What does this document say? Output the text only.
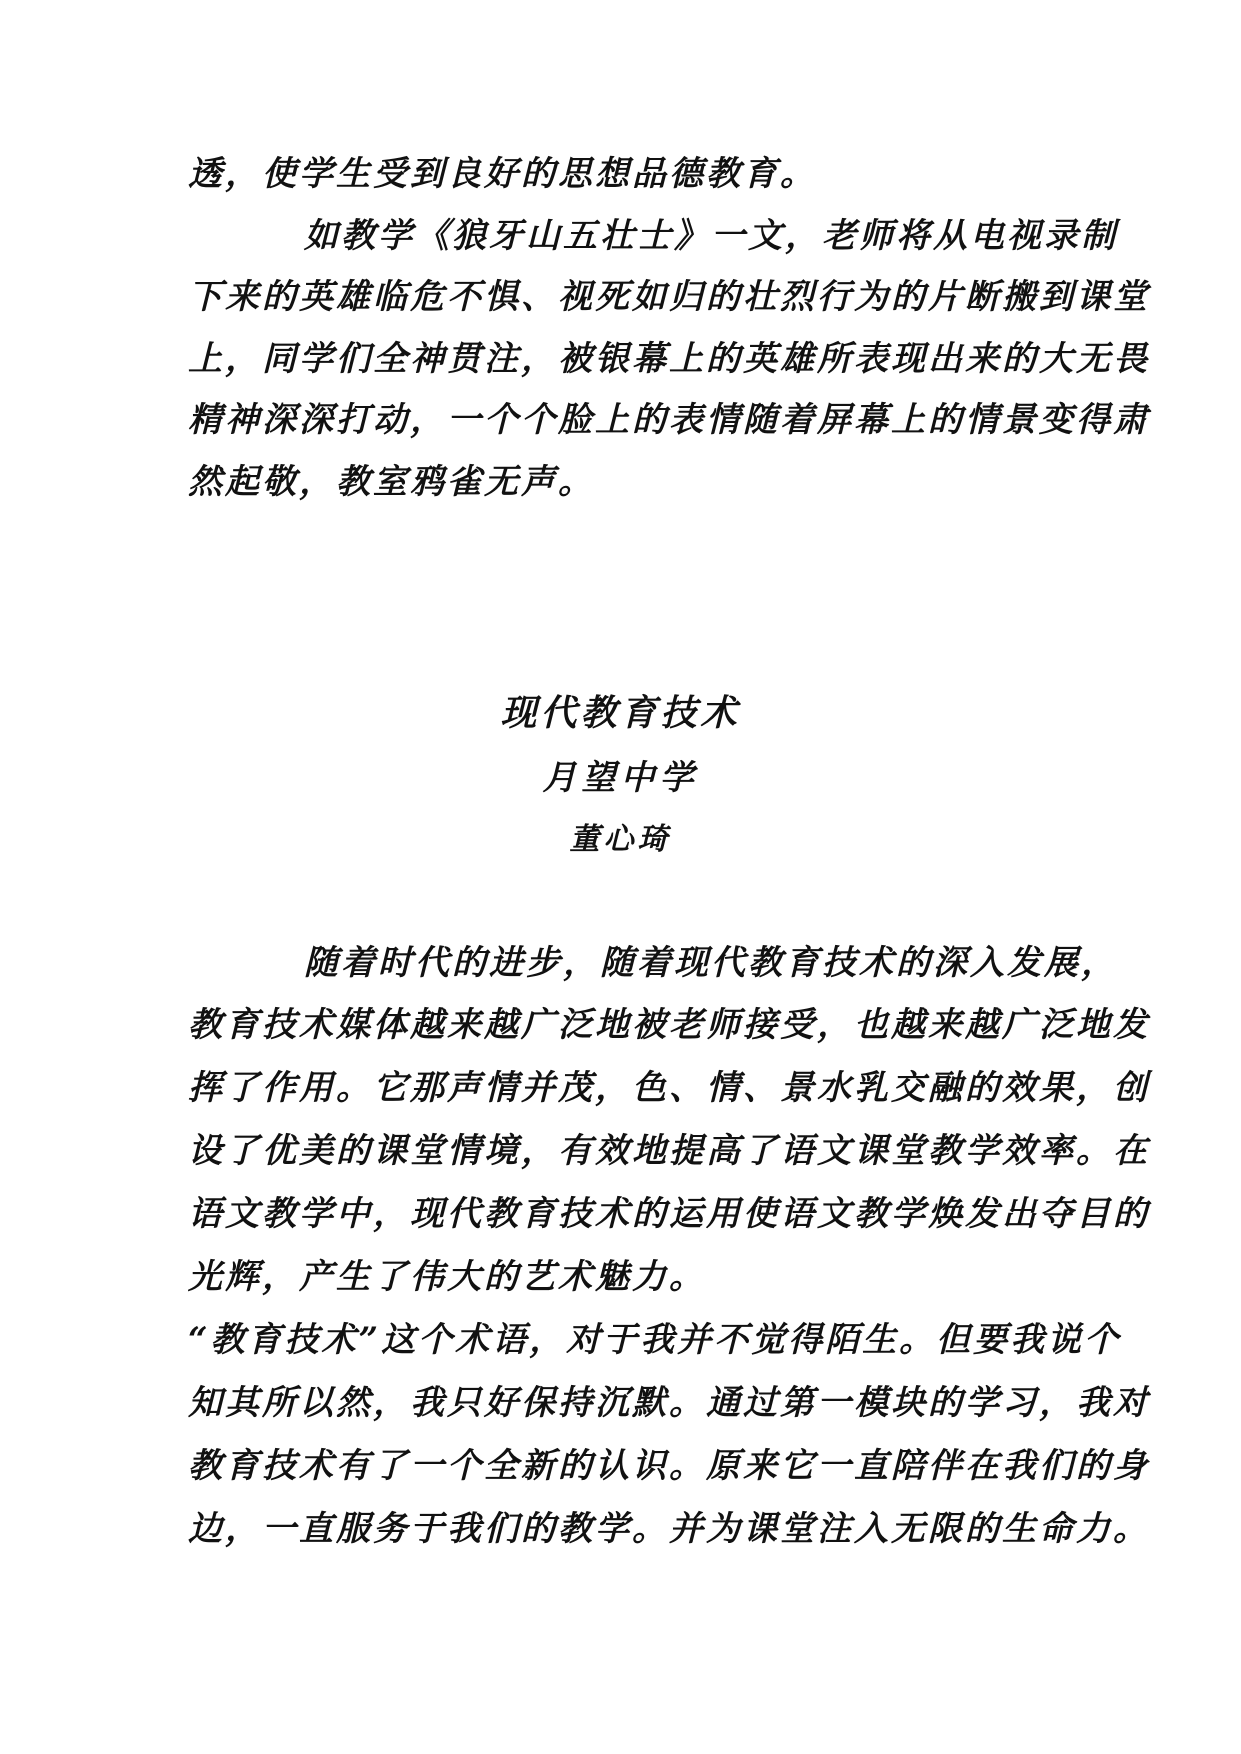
透，使学生受到良好的思想品德教育。
如教学《狼牙山五壮士》一文，老师将从电视录制
下来的英雄临危不惧、视死如归的壮烈行为的片断搬到课堂
上，同学们全神贯注，被银幕上的英雄所表现出来的大无畏
精神深深打动，一个个脸上的表情随着屏幕上的情景变得肃
然起敬，教室鸦雀无声。
现代教育技术
月望中学
董心琦
随着时代的进步，随着现代教育技术的深入发展，
教育技术媒体越来越广泛地被老师接受，也越来越广泛地发
挥了作用。它那声情并茂，色、情、景水乳交融的效果，创
设了优美的课堂情境，有效地提高了语文课堂教学效率。在
语文教学中，现代教育技术的运用使语文教学焕发出夺目的
光辉，产生了伟大的艺术魅力。
“教育技术”这个术语，对于我并不觉得陌生。但要我说个
知其所以然，我只好保持沉默。通过第一模块的学习，我对
教育技术有了一个全新的认识。原来它一直陪伴在我们的身
边，一直服务于我们的教学。并为课堂注入无限的生命力。
